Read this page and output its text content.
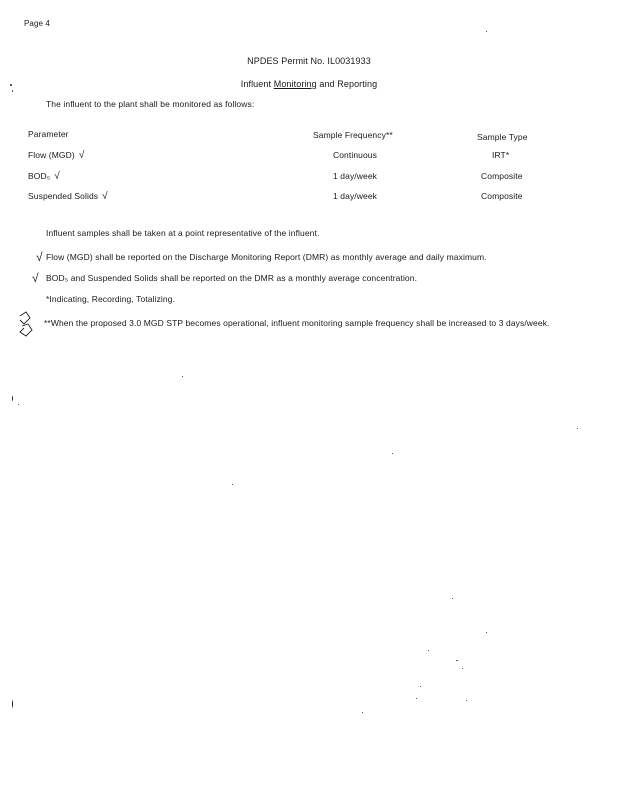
Page 4
NPDES Permit No. IL0031933
Influent Monitoring and Reporting
The influent to the plant shall be monitored as follows:
Parameter	Sample Frequency**	Sample Type
Flow (MGD) √	Continuous	IRT*
BOD₅ √	1 day/week	Composite
Suspended Solids √	1 day/week	Composite
Influent samples shall be taken at a point representative of the influent.
√ Flow (MGD) shall be reported on the Discharge Monitoring Report (DMR) as monthly average and daily maximum.
√ BOD₅ and Suspended Solids shall be reported on the DMR as a monthly average concentration.
*Indicating, Recording, Totalizing.
**When the proposed 3.0 MGD STP becomes operational, influent monitoring sample frequency shall be increased to 3 days/week.
